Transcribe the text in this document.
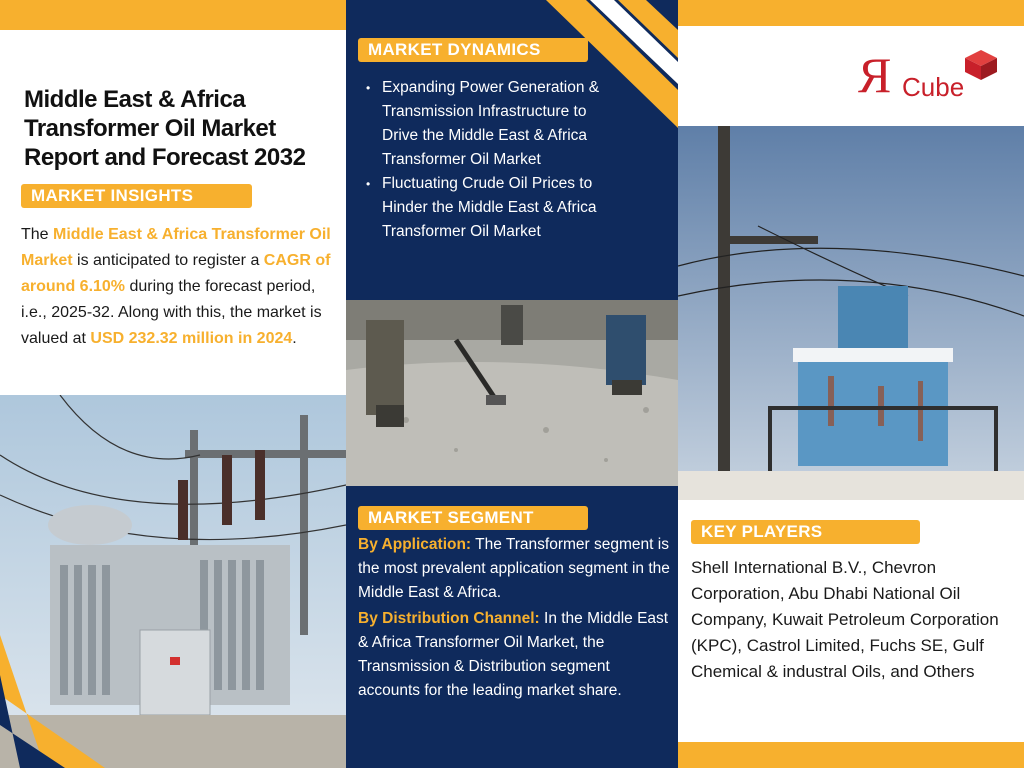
Middle East & Africa Transformer Oil Market Report and Forecast 2032
MARKET INSIGHTS
The Middle East & Africa Transformer Oil Market is anticipated to register a CAGR of around 6.10% during the forecast period, i.e., 2025-32. Along with this, the market is valued at USD 232.32 million in 2024.
MARKET DYNAMICS
• Expanding Power Generation & Transmission Infrastructure to Drive the Middle East & Africa Transformer Oil Market
• Fluctuating Crude Oil Prices to Hinder the Middle East & Africa Transformer Oil Market
MARKET SEGMENT

By Application: The Transformer segment is the most prevalent application segment in the Middle East & Africa.

By Distribution Channel: In the Middle East & Africa Transformer Oil Market, the Transmission & Distribution segment accounts for the leading market share.

Я Cube
KEY PLAYERS
Shell International B.V., Chevron Corporation, Abu Dhabi National Oil Company, Kuwait Petroleum Corporation (KPC), Castrol Limited, Fuchs SE, Gulf Chemical & industral Oils, and Others
